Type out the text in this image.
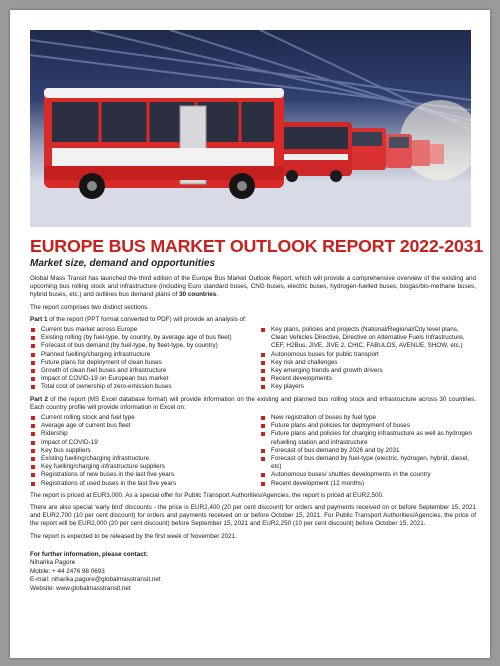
EUROPE BUS MARKET OUTLOOK REPORT 2022-2031
Market size, demand and opportunities

Global Mass Transit has launched the third edition of the Europe Bus Market Outlook Report, which will provide a comprehensive overview of the existing and upcoming bus rolling stock and infrastructure (including Euro standard buses, CNG buses, electric buses, hydrogen-fuelled buses, biogas/bio-methane buses, hybrid buses, etc.) and outlines bus demand plans of 30 countries.

The report comprises two distinct sections.

Part 1 of the report (PPT format converted to PDF) will provide an analysis of:

Current bus market across Europe
Existing rolling (by fuel-type, by country, by average age of bus fleet)
Forecast of bus demand (by fuel-type, by fleet-type, by country)
Planned fuelling/charging infrastructure
Future plans for deployment of clean buses
Growth of clean fuel buses and infrastructure
Impact of COVID-19 on European bus market
Total cost of ownership of zero-emission buses
Key plans, policies and projects (National/Regional/City level plans, Clean Vehicles Directive, Directive on Alternative Fuels Infrastructure, CEF, H2Bus, JIVE, JIVE 2, CHIC, FABULOS, AVENUE, SHOW, etc.)
Autonomous buses for public transport
Key risk and challenges
Key emerging trends and growth drivers
Recent developments
Key players

Part 2 of the report (MS Excel database format) will provide information on the existing and planned bus rolling stock and infrastructure across 30 countries. Each country profile will provide information in Excel on:

Current rolling stock and fuel type
Average age of current bus fleet
Ridership
Impact of COVID-19
Key bus suppliers
Existing fuelling/charging infrastructure
Key fuelling/charging infrastructure suppliers
Registrations of new buses in the last five years
Registrations of used buses in the last five years
New registration of buses by fuel type
Future plans and policies for deployment of buses
Future plans and policies for charging infrastructure as well as hydrogen refuelling station and infrastructure
Forecast of bus demand by 2026 and by 2031
Forecast of bus demand by fuel-type (electric, hydrogen, hybrid, diesel, etc)
Autonomous buses/ shuttles developments in the country
Recent development (12 months)

The report is priced at EUR3,000. As a special offer for Public Transport Authorities/Agencies, the report is priced at EUR2,500.

There are also special ‘early bird’ discounts - the price is EUR2,400 (20 per cent discount) for orders and payments received on or before September 15, 2021 and EUR2,700 (10 per cent discount) for orders and payments received on or before October 15, 2021. For Public Transport Authorities/Agencies, the price of the report will be EUR2,000 (20 per cent discount) before September 15, 2021 and EUR2,250 (10 per cent discount) before October 15, 2021.

The report is expected to be released by the first week of November 2021.

For further information, please contact:
Niharika Pagore
Mobile: + 44 2476 98 0693
E-mail: niharika.pagore@globalmasstransit.net
Website: www.globalmasstransit.net
